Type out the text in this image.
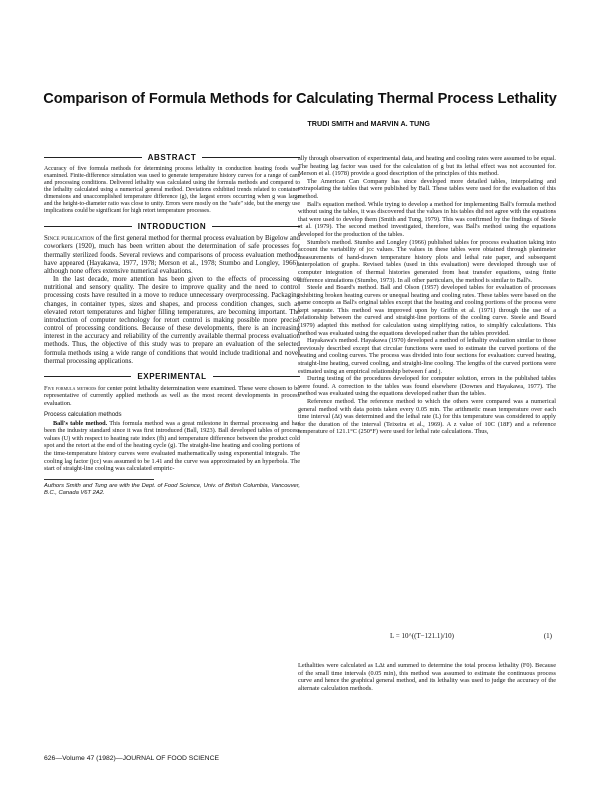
Comparison of Formula Methods for Calculating Thermal Process Lethality
TRUDI SMITH and MARVIN A. TUNG
ABSTRACT

Accuracy of five formula methods for determining process lethality in conduction heating foods was examined. Finite-difference simulation was used to generate temperature history curves for a range of cans and processing conditions. Delivered lethality was calculated using the formula methods and compared to the lethality calculated using a numerical general method. Deviations exhibited trends related to container dimensions and unaccomplished temperature difference (g), the largest errors occurring when g was large and the height-to-diameter ratio was close to unity. Errors were mostly on the "safe" side, but the energy use implications could be significant for high retort temperature processes.

INTRODUCTION

Since publication of the first general method for thermal process evaluation by Bigelow and coworkers (1920), much has been written about the determination of safe processes for thermally sterilized foods. Several reviews and comparisons of process evaluation methods have appeared (Hayakawa, 1977, 1978; Merson et al., 1978; Stumbo and Longley, 1966), although none offers extensive numerical evaluations.

In the last decade, more attention has been given to the effects of processing on nutritional and sensory quality. The desire to improve quality and the need to control processing costs have resulted in a move to reduce unnecessary overprocessing. Packaging changes, in container types, sizes and shapes, and process condition changes, such as elevated retort temperatures and higher filling temperatures, are becoming important. The introduction of computer technology for retort control is making possible more precise control of processing conditions. Because of these developments, there is an increasing interest in the accuracy and reliability of the currently available thermal process evaluation methods. Thus, the objective of this study was to prepare an evaluation of the selected formula methods using a wide range of conditions that would include traditional and novel thermal processing applications.

EXPERIMENTAL

Five formula methods for center point lethality determination were examined. These were chosen to be representative of currently applied methods as well as the most recent developments in process evaluation.

Process calculation methods

Ball's table method. This formula method was a great milestone in thermal processing and has been the industry standard since it was first introduced (Ball, 1923). Ball developed tables of process values (U) with respect to heating rate index (fh) and temperature difference between the product cold spot and the retort at the end of the heating cycle (g). The straight-line heating and cooling portions of the time-temperature history curves were evaluated mathematically using exponential integrals. The cooling lag factor (jcc) was assumed to be 1.41 and the curve was approximated by an hyperbola. The start of straight-line cooling was calculated empiric-

Authors Smith and Tung are with the Dept. of Food Science, Univ. of British Columbia, Vancouver, B.C., Canada V6T 2A2.

ally through observation of experimental data, and heating and cooling rates were assumed to be equal. The heating lag factor was used for the calculation of g but its lethal effect was not accounted for. Merson et al. (1978) provide a good description of the principles of this method.

The American Can Company has since developed more detailed tables, interpolating and extrapolating the tables that were published by Ball. These tables were used for the evaluation of this method.

Ball's equation method. While trying to develop a method for implementing Ball's formula method without using the tables, it was discovered that the values in his tables did not agree with the equations that were used to develop them (Smith and Tung, 1979). This was confirmed by the findings of Steele et al. (1979). The second method investigated, therefore, was Ball's method using the equations developed for the production of the tables.

Stumbo's method. Stumbo and Longley (1966) published tables for process evaluation taking into account the variability of jcc values. The values in these tables were obtained through planimeter measurements of hand-drawn temperature history plots and lethal rate paper, and subsequent interpolation of graphs. Revised tables (used in this evaluation) were developed through use of computer integration of thermal histories generated from heat transfer equations, using finite difference simulations (Stumbo, 1973). In all other particulars, the method is similar to Ball's.

Steele and Board's method. Ball and Olson (1957) developed tables for evaluation of processes exhibiting broken heating curves or unequal heating and cooling rates. These tables were based on the same concepts as Ball's original tables except that the heating and cooling portions of the process were kept separate. This method was improved upon by Griffin et al. (1971) through the use of a relationship between the curved and straight-line portions of the cooling curve. Steele and Board (1979) adapted this method for calculation using simplifying ratios, to simplify calculations. This method was evaluated using the equations developed rather than the tables provided.

Hayakawa's method. Hayakawa (1970) developed a method of lethality evaluation similar to those previously described except that circular functions were used to estimate the curved portions of the heating and cooling curves. The process was divided into four sections for evaluation: curved heating, straight-line heating, curved cooling, and straight-line cooling. The lengths of the curved portions were estimated using an empirical relationship between f and j.

During testing of the procedures developed for computer solution, errors in the published tables were found. A correction to the tables was found elsewhere (Downes and Hayakawa, 1977). The method was evaluated using the equations developed rather than the tables.

Reference method. The reference method to which the others were compared was a numerical general method with data points taken every 0.05 min. The arithmetic mean temperature over each time interval (Δt) was determined and the lethal rate (L) for this temperature was considered to apply for the duration of the interval (Teixeira et al., 1969). A z value of 10C (18F) and a reference temperature of 121.1°C (250°F) were used for lethal rate calculations. Thus,

L = 10^((T−121.1)/10)	(1)

Lethalities were calculated as LΔt and summed to determine the total process lethality (F0). Because of the small time intervals (0.05 min), this method was assumed to estimate the continuous process curve and hence the graphical general method, and its lethality was used to judge the accuracy of the alternate calculation methods.

626—Volume 47 (1982)—JOURNAL OF FOOD SCIENCE
